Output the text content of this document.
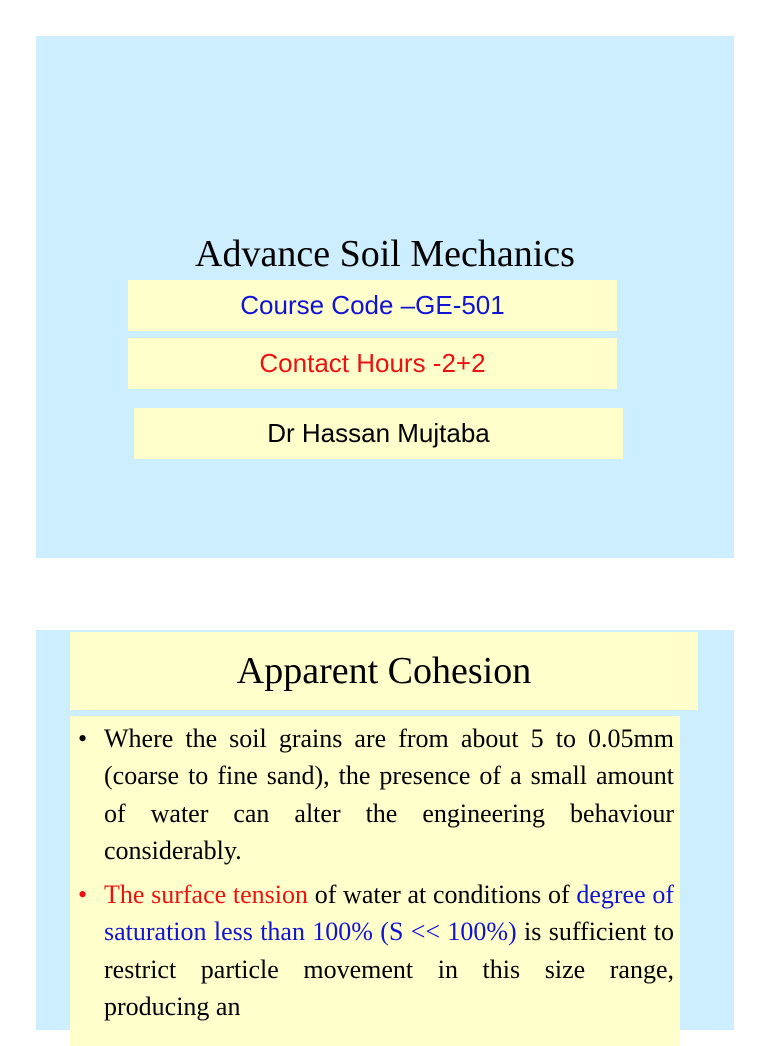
Advance Soil Mechanics
Course Code –GE-501
Contact Hours -2+2
Dr Hassan Mujtaba
Apparent Cohesion
• Where the soil grains are from about 5 to 0.05mm (coarse to fine sand), the presence of a small amount of water can alter the engineering behaviour considerably.
• The surface tension of water at conditions of degree of saturation less than 100% (S << 100%) is sufficient to restrict particle movement in this size range, producing an
